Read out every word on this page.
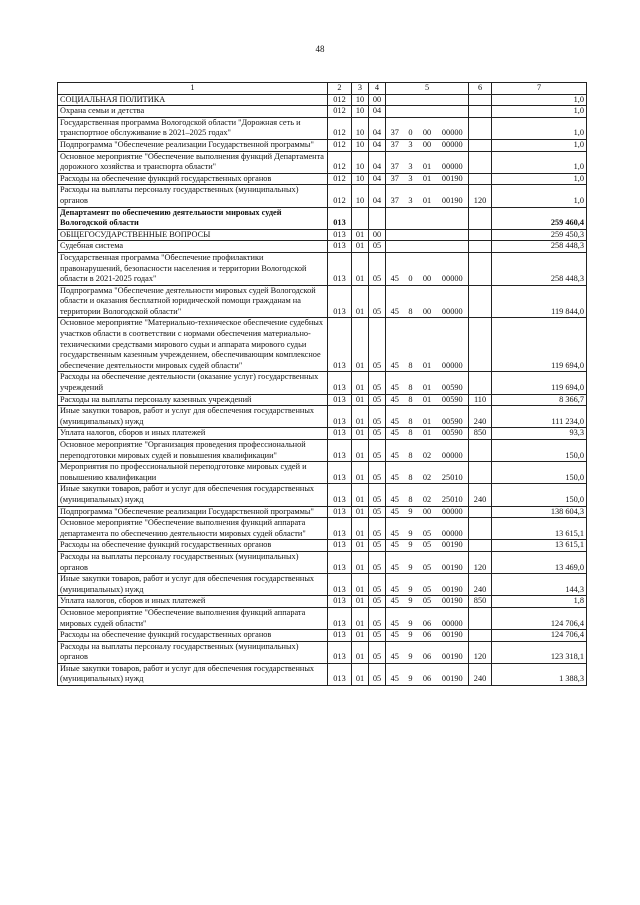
48
1	2	3	4	5				6	7
СОЦИАЛЬНАЯ ПОЛИТИКА	012	10	00						1,0
Охрана семьи и детства	012	10	04						1,0
Государственная программа Вологодской области "Дорожная сеть и транспортное обслуживание в 2021–2025 годах"	012	10	04	37	0	00	00000		1,0
Подпрограмма "Обеспечение реализации Государственной программы"	012	10	04	37	3	00	00000		1,0
Основное мероприятие "Обеспечение выполнения функций Департамента дорожного хозяйства и транспорта области"	012	10	04	37	3	01	00000		1,0
Расходы на обеспечение функций государственных органов	012	10	04	37	3	01	00190		1,0
Расходы на выплаты персоналу государственных (муниципальных) органов	012	10	04	37	3	01	00190	120	1,0
Департамент по обеспечению деятельности мировых судей Вологодской области	013								259 460,4
ОБЩЕГОСУДАРСТВЕННЫЕ ВОПРОСЫ	013	01	00						259 450,3
Судебная система	013	01	05						258 448,3
Государственная программа "Обеспечение профилактики правонарушений, безопасности населения и территории Вологодской области в 2021-2025 годах"	013	01	05	45	0	00	00000		258 448,3
Подпрограмма "Обеспечение деятельности мировых судей Вологодской области и оказания бесплатной юридической помощи гражданам на территории Вологодской области"	013	01	05	45	8	00	00000		119 844,0
Основное мероприятие "Материально-техническое обеспечение судебных участков области в соответствии с нормами обеспечения материально-техническими средствами мирового судьи и аппарата мирового судьи государственным казенным учреждением, обеспечивающим комплексное обеспечение деятельности мировых судей области"	013	01	05	45	8	01	00000		119 694,0
Расходы на обеспечение деятельности (оказание услуг) государственных учреждений	013	01	05	45	8	01	00590		119 694,0
Расходы на выплаты персоналу казенных учреждений	013	01	05	45	8	01	00590	110	8 366,7
Иные закупки товаров, работ и услуг для обеспечения государственных (муниципальных) нужд	013	01	05	45	8	01	00590	240	111 234,0
Уплата налогов, сборов и иных платежей	013	01	05	45	8	01	00590	850	93,3
Основное мероприятие "Организация проведения профессиональной переподготовки мировых судей и повышения квалификации"	013	01	05	45	8	02	00000		150,0
Мероприятия по профессиональной переподготовке мировых судей и повышению квалификации	013	01	05	45	8	02	25010		150,0
Иные закупки товаров, работ и услуг для обеспечения государственных (муниципальных) нужд	013	01	05	45	8	02	25010	240	150,0
Подпрограмма "Обеспечение реализации Государственной программы"	013	01	05	45	9	00	00000		138 604,3
Основное мероприятие "Обеспечение выполнения функций аппарата департамента по обеспечению деятельности мировых судей области"	013	01	05	45	9	05	00000		13 615,1
Расходы на обеспечение функций государственных органов	013	01	05	45	9	05	00190		13 615,1
Расходы на выплаты персоналу государственных (муниципальных) органов	013	01	05	45	9	05	00190	120	13 469,0
Иные закупки товаров, работ и услуг для обеспечения государственных (муниципальных) нужд	013	01	05	45	9	05	00190	240	144,3
Уплата налогов, сборов и иных платежей	013	01	05	45	9	05	00190	850	1,8
Основное мероприятие "Обеспечение выполнения функций аппарата мировых судей области"	013	01	05	45	9	06	00000		124 706,4
Расходы на обеспечение функций государственных органов	013	01	05	45	9	06	00190		124 706,4
Расходы на выплаты персоналу государственных (муниципальных) органов	013	01	05	45	9	06	00190	120	123 318,1
Иные закупки товаров, работ и услуг для обеспечения государственных (муниципальных) нужд	013	01	05	45	9	06	00190	240	1 388,3
